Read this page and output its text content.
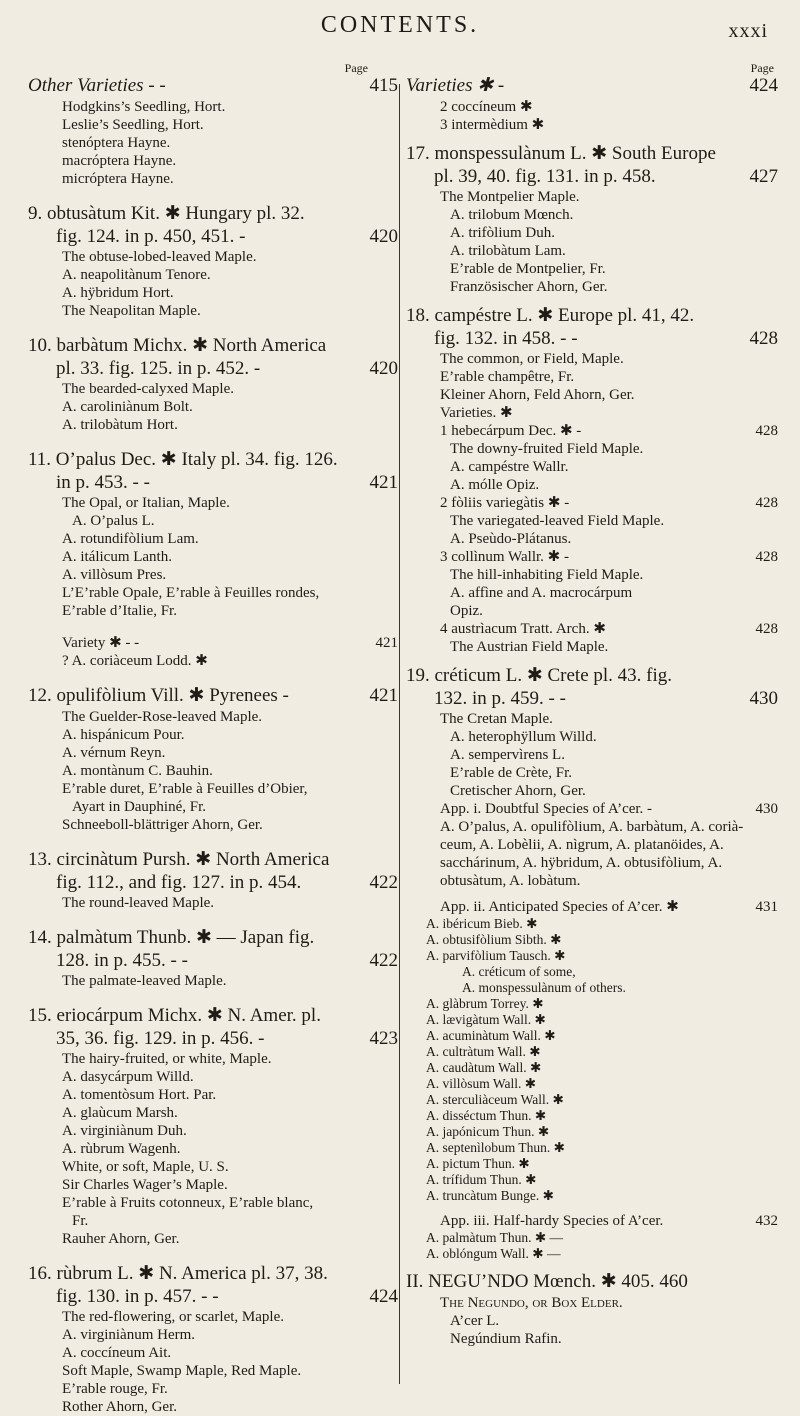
CONTENTS.	xxxi
Page
Other Varieties - -	415
Hodgkins’s Seedling, Hort.
Leslie’s Seedling, Hort.
stenóptera Hayne.
macróptera Hayne.
micróptera Hayne.
9. obtusàtum Kit. ✱ Hungary pl. 32.
fig. 124. in p. 450, 451. -	420
The obtuse-lobed-leaved Maple.
A. neapolitànum Tenore.
A. hÿbridum Hort.
The Neapolitan Maple.
10. barbàtum Michx. ✱ North America
pl. 33. fig. 125. in p. 452. -	420
The bearded-calyxed Maple.
A. caroliniànum Bolt.
A. trilobàtum Hort.
11. O’palus Dec. ✱ Italy pl. 34. fig. 126.
in p. 453. - -	421
The Opal, or Italian, Maple.
A. O’palus L.
A. rotundifòlium Lam.
A. itálicum Lanth.
A. villòsum Pres.
L’E’rable Opale, E’rable à Feuilles rondes,
E’rable d’Italie, Fr.
Variety ✱ - -	421
? A. coriàceum Lodd. ✱
12. opulifòlium Vill. ✱ Pyrenees -	421
The Guelder-Rose-leaved Maple.
A. hispánicum Pour.
A. vérnum Reyn.
A. montànum C. Bauhin.
E’rable duret, E’rable à Feuilles d’Obier,
Ayart in Dauphiné, Fr.
Schneeboll-blättriger Ahorn, Ger.
13. circinàtum Pursh. ✱ North America
fig. 112., and fig. 127. in p. 454.	422
The round-leaved Maple.
14. palmàtum Thunb. ✱ — Japan fig.
128. in p. 455. - -	422
The palmate-leaved Maple.
15. eriocárpum Michx. ✱ N. Amer. pl.
35, 36. fig. 129. in p. 456. -	423
The hairy-fruited, or white, Maple.
A. dasycárpum Willd.
A. tomentòsum Hort. Par.
A. glaùcum Marsh.
A. virginiànum Duh.
A. rùbrum Wagenh.
White, or soft, Maple, U. S.
Sir Charles Wager’s Maple.
E’rable à Fruits cotonneux, E’rable blanc,
Fr.
Rauher Ahorn, Ger.
16. rùbrum L. ✱ N. America pl. 37, 38.
fig. 130. in p. 457. - -	424
The red-flowering, or scarlet, Maple.
A. virginiànum Herm.
A. coccíneum Ait.
Soft Maple, Swamp Maple, Red Maple.
E’rable rouge, Fr.
Rother Ahorn, Ger.
Page
Varieties ✱ -	424
2 coccíneum ✱
3 intermèdium ✱
17. monspessulànum L. ✱ South Europe
pl. 39, 40. fig. 131. in p. 458.	427
The Montpelier Maple.
A. trilobum Mœnch.
A. trifòlium Duh.
A. trilobàtum Lam.
E’rable de Montpelier, Fr.
Französischer Ahorn, Ger.
18. campéstre L. ✱ Europe pl. 41, 42.
fig. 132. in 458. - -	428
The common, or Field, Maple.
E’rable champêtre, Fr.
Kleiner Ahorn, Feld Ahorn, Ger.
Varieties. ✱
1 hebecárpum Dec. ✱ -	428
The downy-fruited Field Maple.
A. campéstre Wallr.
A. mólle Opiz.
2 fòliis variegàtis ✱ -	428
The variegated-leaved Field Maple.
A. Pseùdo-Plátanus.
3 collìnum Wallr. ✱ -	428
The hill-inhabiting Field Maple.
A. affìne and A. macrocárpum
Opiz.
4 austrìacum Tratt. Arch. ✱	428
The Austrian Field Maple.
19. créticum L. ✱ Crete pl. 43. fig.
132. in p. 459. - -	430
The Cretan Maple.
A. heterophÿllum Willd.
A. sempervìrens L.
E’rable de Crète, Fr.
Cretischer Ahorn, Ger.
App. i. Doubtful Species of A’cer. -	430
A. O’palus, A. opulifòlium, A. barbàtum, A. corià-
ceum, A. Lobèlii, A. nìgrum, A. platanöides, A.
sacchárinum, A. hÿbridum, A. obtusifòlium, A.
obtusàtum, A. lobàtum.
App. ii. Anticipated Species of A’cer. ✱	431
A. ibéricum Bieb. ✱
A. obtusifòlium Sibth. ✱
A. parvifòlium Tausch. ✱
A. créticum of some,
A. monspessulànum of others.
A. glàbrum Torrey. ✱
A. lævigàtum Wall. ✱
A. acuminàtum Wall. ✱
A. cultràtum Wall. ✱
A. caudàtum Wall. ✱
A. villòsum Wall. ✱
A. sterculiàceum Wall. ✱
A. disséctum Thun. ✱
A. japónicum Thun. ✱
A. septenìlobum Thun. ✱
A. pictum Thun. ✱
A. trífidum Thun. ✱
A. truncàtum Bunge. ✱
App. iii. Half-hardy Species of A’cer.	432
A. palmàtum Thun. ✱ —
A. oblóngum Wall. ✱ —
II. NEGU’NDO Mœnch. ✱ 405. 460
The Negundo, or Box Elder.
A’cer L.
Negúndium Rafin.
